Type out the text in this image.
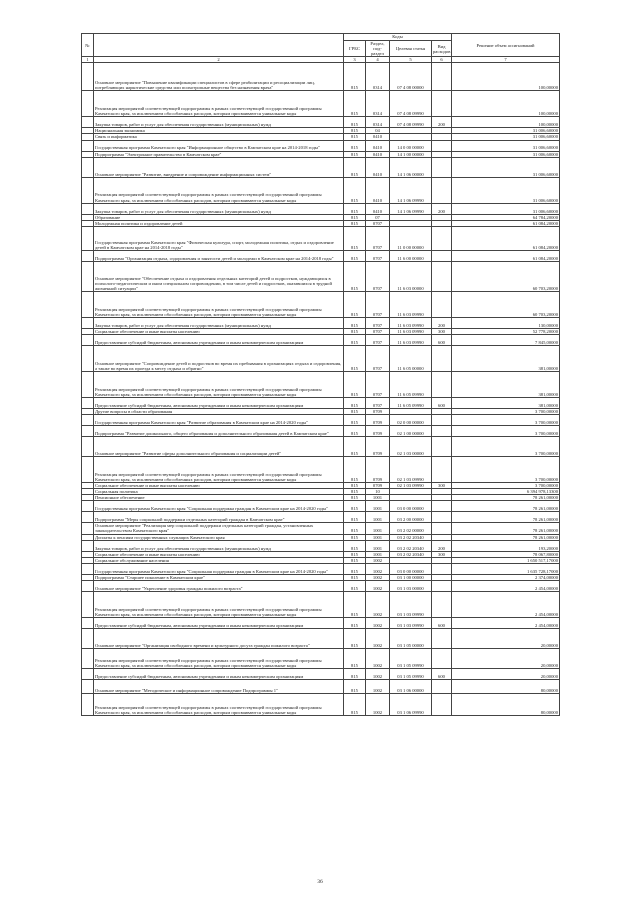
№		Коды				Решение объем ассигнований
		ГРБС	Раздел, под-раздел	Целевая статья	Вид расходов	
1	2	3	4	5	6	7
	Основное мероприятие "Повышение квалификации специалистов в сфере реабилитации и ресоциализации лиц, потребляющих наркотические средства или психотропные вещества без назначения врача"	815	0314	07 4 08 00000		100,00000
	Реализация мероприятий соответствующей подпрограммы в рамках соответствующей государственной программы Камчатского края, за исключением обособленных расходов, которым присваиваются уникальные коды	815	0314	07 4 08 09990		100,00000
	Закупка товаров, работ и услуг для обеспечения государственных (муниципальных) нужд	815	0314	07 4 08 09990	200	100,00000
	Национальная экономика	815	04			31 006,60000
	Связь и информатика	815	0410			31 006,60000
	Государственная программа Камчатского края "Информационное общество в Камчатском крае на 2014-2018 годы"	815	0410	14 0 00 00000		31 006,60000
	Подпрограмма "Электронное правительство в Камчатском крае"	815	0410	14 1 00 00000		31 006,60000
	Основное мероприятие "Развитие, внедрение и сопровождение информационных систем"	815	0410	14 1 06 00000		31 006,60000
	Реализация мероприятий соответствующей подпрограммы в рамках соответствующей государственной программы Камчатского края, за исключением обособленных расходов, которым присваиваются уникальные коды	815	0410	14 1 06 09990		31 006,60000
	Закупка товаров, работ и услуг для обеспечения государственных (муниципальных) нужд	815	0410	14 1 06 09990	200	31 006,60000
	Образование	815	07			64 784,20000
	Молодежная политика и оздоровление детей	815	0707			61 084,20000
	Государственная программа Камчатского края "Физическая культура, спорт, молодежная политика, отдых и оздоровление детей в Камчатском крае на 2014-2018 годы"	815	0707	11 0 00 00000		61 084,20000
	Подпрограмма "Организация отдыха, оздоровления и занятости детей и молодежи в Камчатском крае на 2014-2018 годы"	815	0707	11 6 00 00000		61 084,20000
	Основное мероприятие "Обеспечение отдыха и оздоровления отдельных категорий детей и подростков, нуждающихся в психолого-педагогическом и ином специальном сопровождении, в том числе детей и подростков, оказавшихся в трудной жизненной ситуации"	815	0707	11 6 03 00000		60 703,20000
	Реализация мероприятий соответствующей подпрограммы в рамках соответствующей государственной программы Камчатского края, за исключением обособленных расходов, которым присваиваются уникальные коды	815	0707	11 6 03 09990		60 703,20000
	Закупка товаров, работ и услуг для обеспечения государственных (муниципальных) нужд	815	0707	11 6 03 09990	200	130,00000
	Социальное обеспечение и иные выплаты населению	815	0707	11 6 03 09990	300	52 778,20000
	Предоставление субсидий бюджетным, автономным учреждениям и иным некоммерческим организациям	815	0707	11 6 03 09990	600	7 845,00000
	Основное мероприятие "Сопровождение детей и подростков во время их пребывания в организациях отдыха и оздоровления, а также во время их проезда к месту отдыха и обратно"	815	0707	11 6 05 00000		381,00000
	Реализация мероприятий соответствующей подпрограммы в рамках соответствующей государственной программы Камчатского края, за исключением обособленных расходов, которым присваиваются уникальные коды	815	0707	11 6 05 09990		381,00000
	Предоставление субсидий бюджетным, автономным учреждениям и иным некоммерческим организациям	815	0707	11 6 05 09990	600	381,00000
	Другие вопросы в области образования	815	0709			3 700,00000
	Государственная программа Камчатского края "Развитие образования в Камчатском крае на 2014-2020 годы"	815	0709	02 0 00 00000		3 700,00000
	Подпрограмма "Развитие дошкольного, общего образования и дополнительного образования детей в Камчатском крае"	815	0709	02 1 00 00000		3 700,00000
	Основное мероприятие "Развитие сферы дополнительного образования и социализации детей"	815	0709	02 1 03 00000		3 700,00000
	Реализация мероприятий соответствующей подпрограммы в рамках соответствующей государственной программы Камчатского края, за исключением обособленных расходов, которым присваиваются уникальные коды	815	0709	02 1 03 09990		3 700,00000
	Социальное обеспечение и иные выплаты населению	815	0709	02 1 03 09990	300	3 700,00000
	Социальная политика	815	10			6 394 978,13300
	Пенсионное обеспечение	815	1001			78 261,00000
	Государственная программа Камчатского края "Социальная поддержка граждан в Камчатском крае на 2014-2020 годы"	815	1001	03 0 00 00000		78 261,00000
	Подпрограмма "Меры социальной поддержки отдельных категорий граждан в Камчатском крае"	815	1001	03 2 00 00000		78 261,00000
	Основное мероприятие "Реализация мер социальной поддержки отдельных категорий граждан, установленных законодательством Камчатского края"	815	1001	03 2 02 00000		78 261,00000
	Доплаты к пенсиям государственных служащих Камчатского края	815	1001	03 2 02 20340		78 261,00000
	Закупка товаров, работ и услуг для обеспечения государственных (муниципальных) нужд	815	1001	03 2 02 20340	200	193,20000
	Социальное обеспечение и иные выплаты населению	815	1001	03 2 02 20340	300	78 067,80000
	Социальное обслуживание населения	815	1002			1 650 517,17000
	Государственная программа Камчатского края "Социальная поддержка граждан в Камчатском крае на 2014-2020 годы"	815	1002	03 0 00 00000		1 635 728,17000
	Подпрограмма "Старшее поколение в Камчатском крае"	815	1002	03 1 00 00000		2 374,00000
	Основное мероприятие "Укрепление здоровья граждан пожилого возраста"	815	1002	03 1 03 00000		2 454,00000
	Реализация мероприятий соответствующей подпрограммы в рамках соответствующей государственной программы Камчатского края, за исключением обособленных расходов, которым присваиваются уникальные коды	815	1002	03 1 03 09990		2 454,00000
	Предоставление субсидий бюджетным, автономным учреждениям и иным некоммерческим организациям	815	1002	03 1 03 09990	600	2 454,00000
	Основное мероприятие "Организация свободного времени и культурного досуга граждан пожилого возраста"	815	1002	03 1 05 00000		20,00000
	Реализация мероприятий соответствующей подпрограммы в рамках соответствующей государственной программы Камчатского края, за исключением обособленных расходов, которым присваиваются уникальные коды	815	1002	03 1 05 09990		20,00000
	Предоставление субсидий бюджетным, автономным учреждениям и иным некоммерческим организациям	815	1002	03 1 05 09990	600	20,00000
	Основное мероприятие "Методическое и информационное сопровождение Подпрограммы 1"	815	1002	03 1 06 00000		80,00000
	Реализация мероприятий соответствующей подпрограммы в рамках соответствующей государственной программы Камчатского края, за исключением обособленных расходов, которым присваиваются уникальные коды	815	1002	03 1 06 09990		80,00000
36
